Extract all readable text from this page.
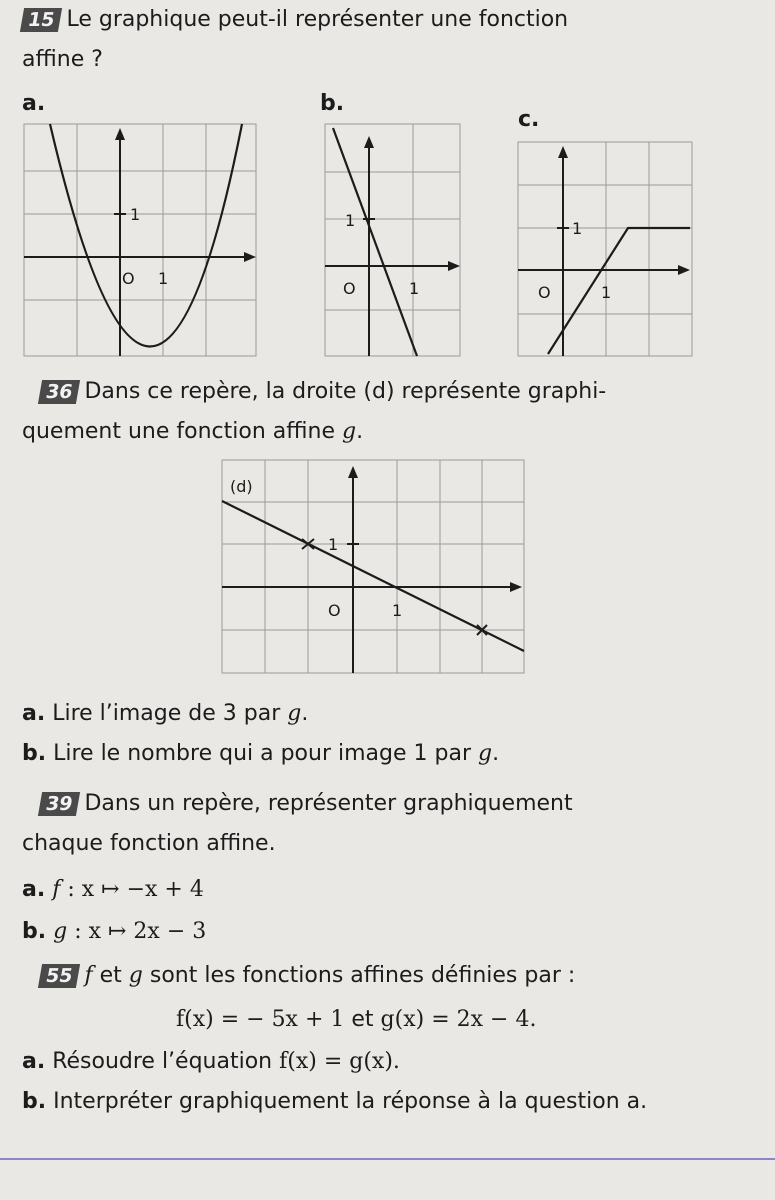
15 Le graphique peut-il représenter une fonction
affine ?
a.	b.
c.
1
O 1
1
O	1
1
O	1
36 Dans ce repère, la droite (d) représente graphi-
quement une fonction affine g.
(d)
1
O	1
a. Lire l’image de 3 par g.
b. Lire le nombre qui a pour image 1 par g.
39 Dans un repère, représenter graphiquement
chaque fonction affine.
a. f : x ↦ −x + 4
b. g : x ↦ 2x − 3
55 f et g sont les fonctions affines définies par :
f(x) = − 5x + 1 et g(x) = 2x − 4.
a. Résoudre l’équation f(x) = g(x).
b. Interpréter graphiquement la réponse à la question a.
